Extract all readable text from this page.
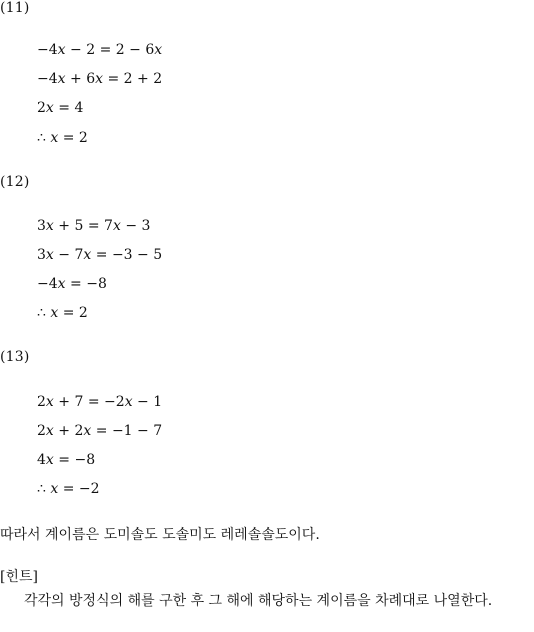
(11)
−4x − 2 = 2 − 6x
−4x + 6x = 2 + 2
2x = 4
∴ x = 2
(12)
3x + 5 = 7x − 3
3x − 7x = −3 − 5
−4x = −8
∴ x = 2
(13)
2x + 7 = −2x − 1
2x + 2x = −1 − 7
4x = −8
∴ x = −2
따라서 계이름은 도미솔도 도솔미도 레레솔솔도이다.
[힌트]
각각의 방정식의 해를 구한 후 그 해에 해당하는 계이름을 차례대로 나열한다.
